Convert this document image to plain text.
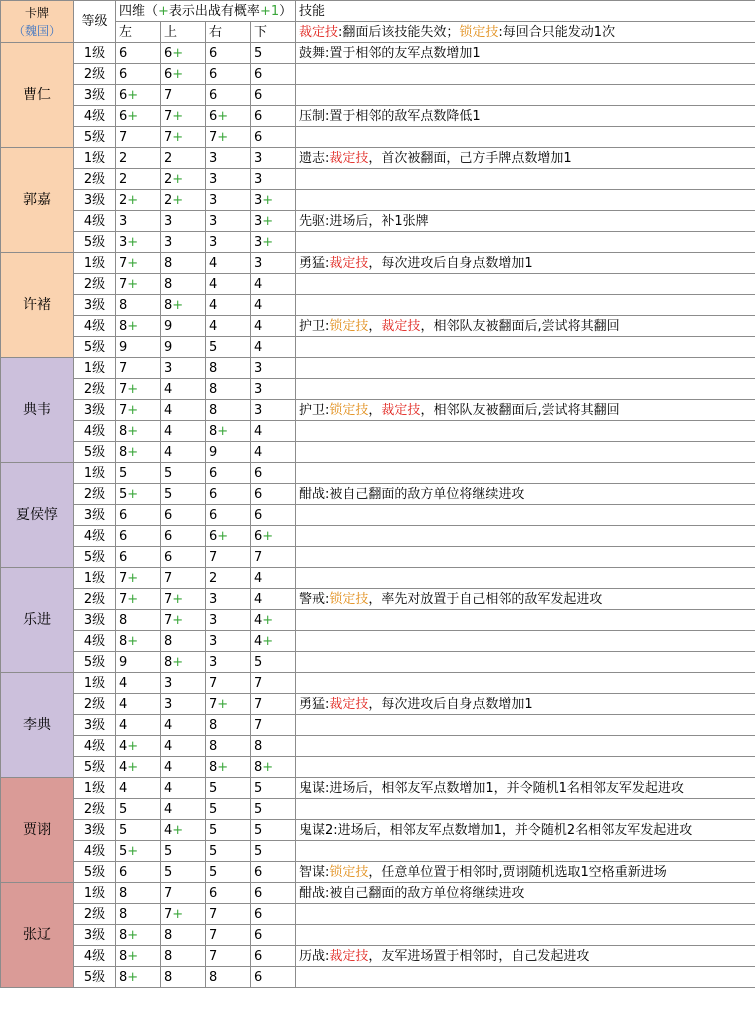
卡牌
（魏国）	等级	四维（+表示出战有概率+1）				技能
		左	上	右	下	裁定技:翻面后该技能失效；锁定技:每回合只能发动1次
曹仁	1级	6	6+	6	5	鼓舞:置于相邻的友军点数增加1
	2级	6	6+	6	6	
	3级	6+	7	6	6	
	4级	6+	7+	6+	6	压制:置于相邻的敌军点数降低1
	5级	7	7+	7+	6	
郭嘉	1级	2	2	3	3	遗志:裁定技，首次被翻面，己方手牌点数增加1
	2级	2	2+	3	3	
	3级	2+	2+	3	3+	
	4级	3	3	3	3+	先驱:进场后，补1张牌
	5级	3+	3	3	3+	
许褚	1级	7+	8	4	3	勇猛:裁定技，每次进攻后自身点数增加1
	2级	7+	8	4	4	
	3级	8	8+	4	4	
	4级	8+	9	4	4	护卫:锁定技，裁定技，相邻队友被翻面后,尝试将其翻回
	5级	9	9	5	4	
典韦	1级	7	3	8	3	
	2级	7+	4	8	3	
	3级	7+	4	8	3	护卫:锁定技，裁定技，相邻队友被翻面后,尝试将其翻回
	4级	8+	4	8+	4	
	5级	8+	4	9	4	
夏侯惇	1级	5	5	6	6	
	2级	5+	5	6	6	酣战:被自己翻面的敌方单位将继续进攻
	3级	6	6	6	6	
	4级	6	6	6+	6+	
	5级	6	6	7	7	
乐进	1级	7+	7	2	4	
	2级	7+	7+	3	4	警戒:锁定技，率先对放置于自己相邻的敌军发起进攻
	3级	8	7+	3	4+	
	4级	8+	8	3	4+	
	5级	9	8+	3	5	
李典	1级	4	3	7	7	
	2级	4	3	7+	7	勇猛:裁定技，每次进攻后自身点数增加1
	3级	4	4	8	7	
	4级	4+	4	8	8	
	5级	4+	4	8+	8+	
贾诩	1级	4	4	5	5	鬼谋:进场后，相邻友军点数增加1，并令随机1名相邻友军发起进攻
	2级	5	4	5	5	
	3级	5	4+	5	5	鬼谋2:进场后，相邻友军点数增加1，并令随机2名相邻友军发起进攻
	4级	5+	5	5	5	
	5级	6	5	5	6	智谋:锁定技，任意单位置于相邻时,贾诩随机选取1空格重新进场
张辽	1级	8	7	6	6	酣战:被自己翻面的敌方单位将继续进攻
	2级	8	7+	7	6	
	3级	8+	8	7	6	
	4级	8+	8	7	6	历战:裁定技，友军进场置于相邻时，自己发起进攻
	5级	8+	8	8	6	
